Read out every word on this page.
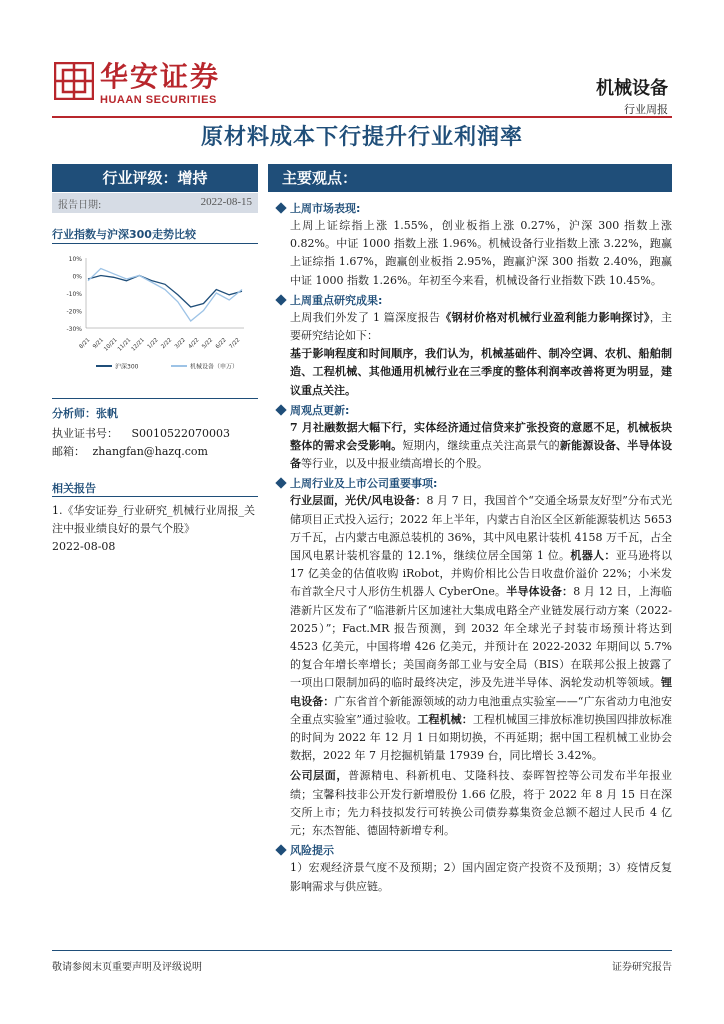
华安证券
HUAAN SECURITIES
机械设备
行业周报
原材料成本下行提升行业利润率
行业评级：增持
报告日期:	2022-08-15
行业指数与沪深300走势比较
10%
0%
-10%
-20%
-30%
8/21 9/21
10/21
11/21
12/21 1/22 2/22 3/22 4/22 5/22 6/22 7/22
沪深300	机械设备（申万）
分析师：张帆
执业证书号： S0010522070003
邮箱： zhangfan@hazq.com
相关报告
1.《华安证券_行业研究_机械行业周报_关注中报业绩良好的景气个股》
2022-08-08
主要观点：
上周市场表现:
上周上证综指上涨 1.55%，创业板指上涨 0.27%，沪深 300 指数上涨 0.82%。中证 1000 指数上涨 1.96%。机械设备行业指数上涨 3.22%，跑赢上证综指 1.67%，跑赢创业板指 2.95%，跑赢沪深 300 指数 2.40%，跑赢中证 1000 指数 1.26%。年初至今来看，机械设备行业指数下跌 10.45%。
上周重点研究成果:
上周我们外发了 1 篇深度报告《钢材价格对机械行业盈利能力影响探讨》，主要研究结论如下：
基于影响程度和时间顺序，我们认为，机械基础件、制冷空调、农机、船舶制造、工程机械、其他通用机械行业在三季度的整体利润率改善将更为明显，建议重点关注。
周观点更新:
7 月社融数据大幅下行，实体经济通过信贷来扩张投资的意愿不足，机械板块整体的需求会受影响。短期内，继续重点关注高景气的新能源设备、半导体设备等行业，以及中报业绩高增长的个股。
上周行业及上市公司重要事项:
行业层面，光伏/风电设备：8 月 7 日，我国首个“交通全场景友好型”分布式光储项目正式投入运行；2022 年上半年，内蒙古自治区全区新能源装机达 5653 万千瓦，占内蒙古电源总装机的 36%，其中风电累计装机 4158 万千瓦，占全国风电累计装机容量的 12.1%，继续位居全国第 1 位。机器人：亚马逊将以 17 亿美金的估值收购 iRobot，并购价相比公告日收盘价溢价 22%；小米发布首款全尺寸人形仿生机器人 CyberOne。半导体设备：8 月 12 日，上海临港新片区发布了“临港新片区加速社大集成电路全产业链发展行动方案（2022-2025）”；Fact.MR 报告预测，到 2032 年全球光子封装市场预计将达到 4523 亿美元，中国将增 426 亿美元，并预计在 2022-2032 年期间以 5.7%的复合年增长率增长；美国商务部工业与安全局（BIS）在联邦公报上披露了一项出口限制加码的临时最终决定，涉及先进半导体、涡轮发动机等领域。锂电设备：广东省首个新能源领域的动力电池重点实验室——“广东省动力电池安全重点实验室”通过验收。工程机械：工程机械国三排放标准切换国四排放标准的时间为 2022 年 12 月 1 日如期切换，不再延期；据中国工程机械工业协会数据，2022 年 7 月挖掘机销量 17939 台，同比增长 3.42%。
公司层面，普源精电、科新机电、艾隆科技、泰晖智控等公司发布半年报业绩；宝馨科技非公开发行新增股份 1.66 亿股，将于 2022 年 8 月 15 日在深交所上市；先力科技拟发行可转换公司债券募集资金总额不超过人民币 4 亿元；东杰智能、德固特新增专利。
风险提示
1）宏观经济景气度不及预期；2）国内固定资产投资不及预期；3）疫情反复影响需求与供应链。
敬请参阅末页重要声明及评级说明	证券研究报告
